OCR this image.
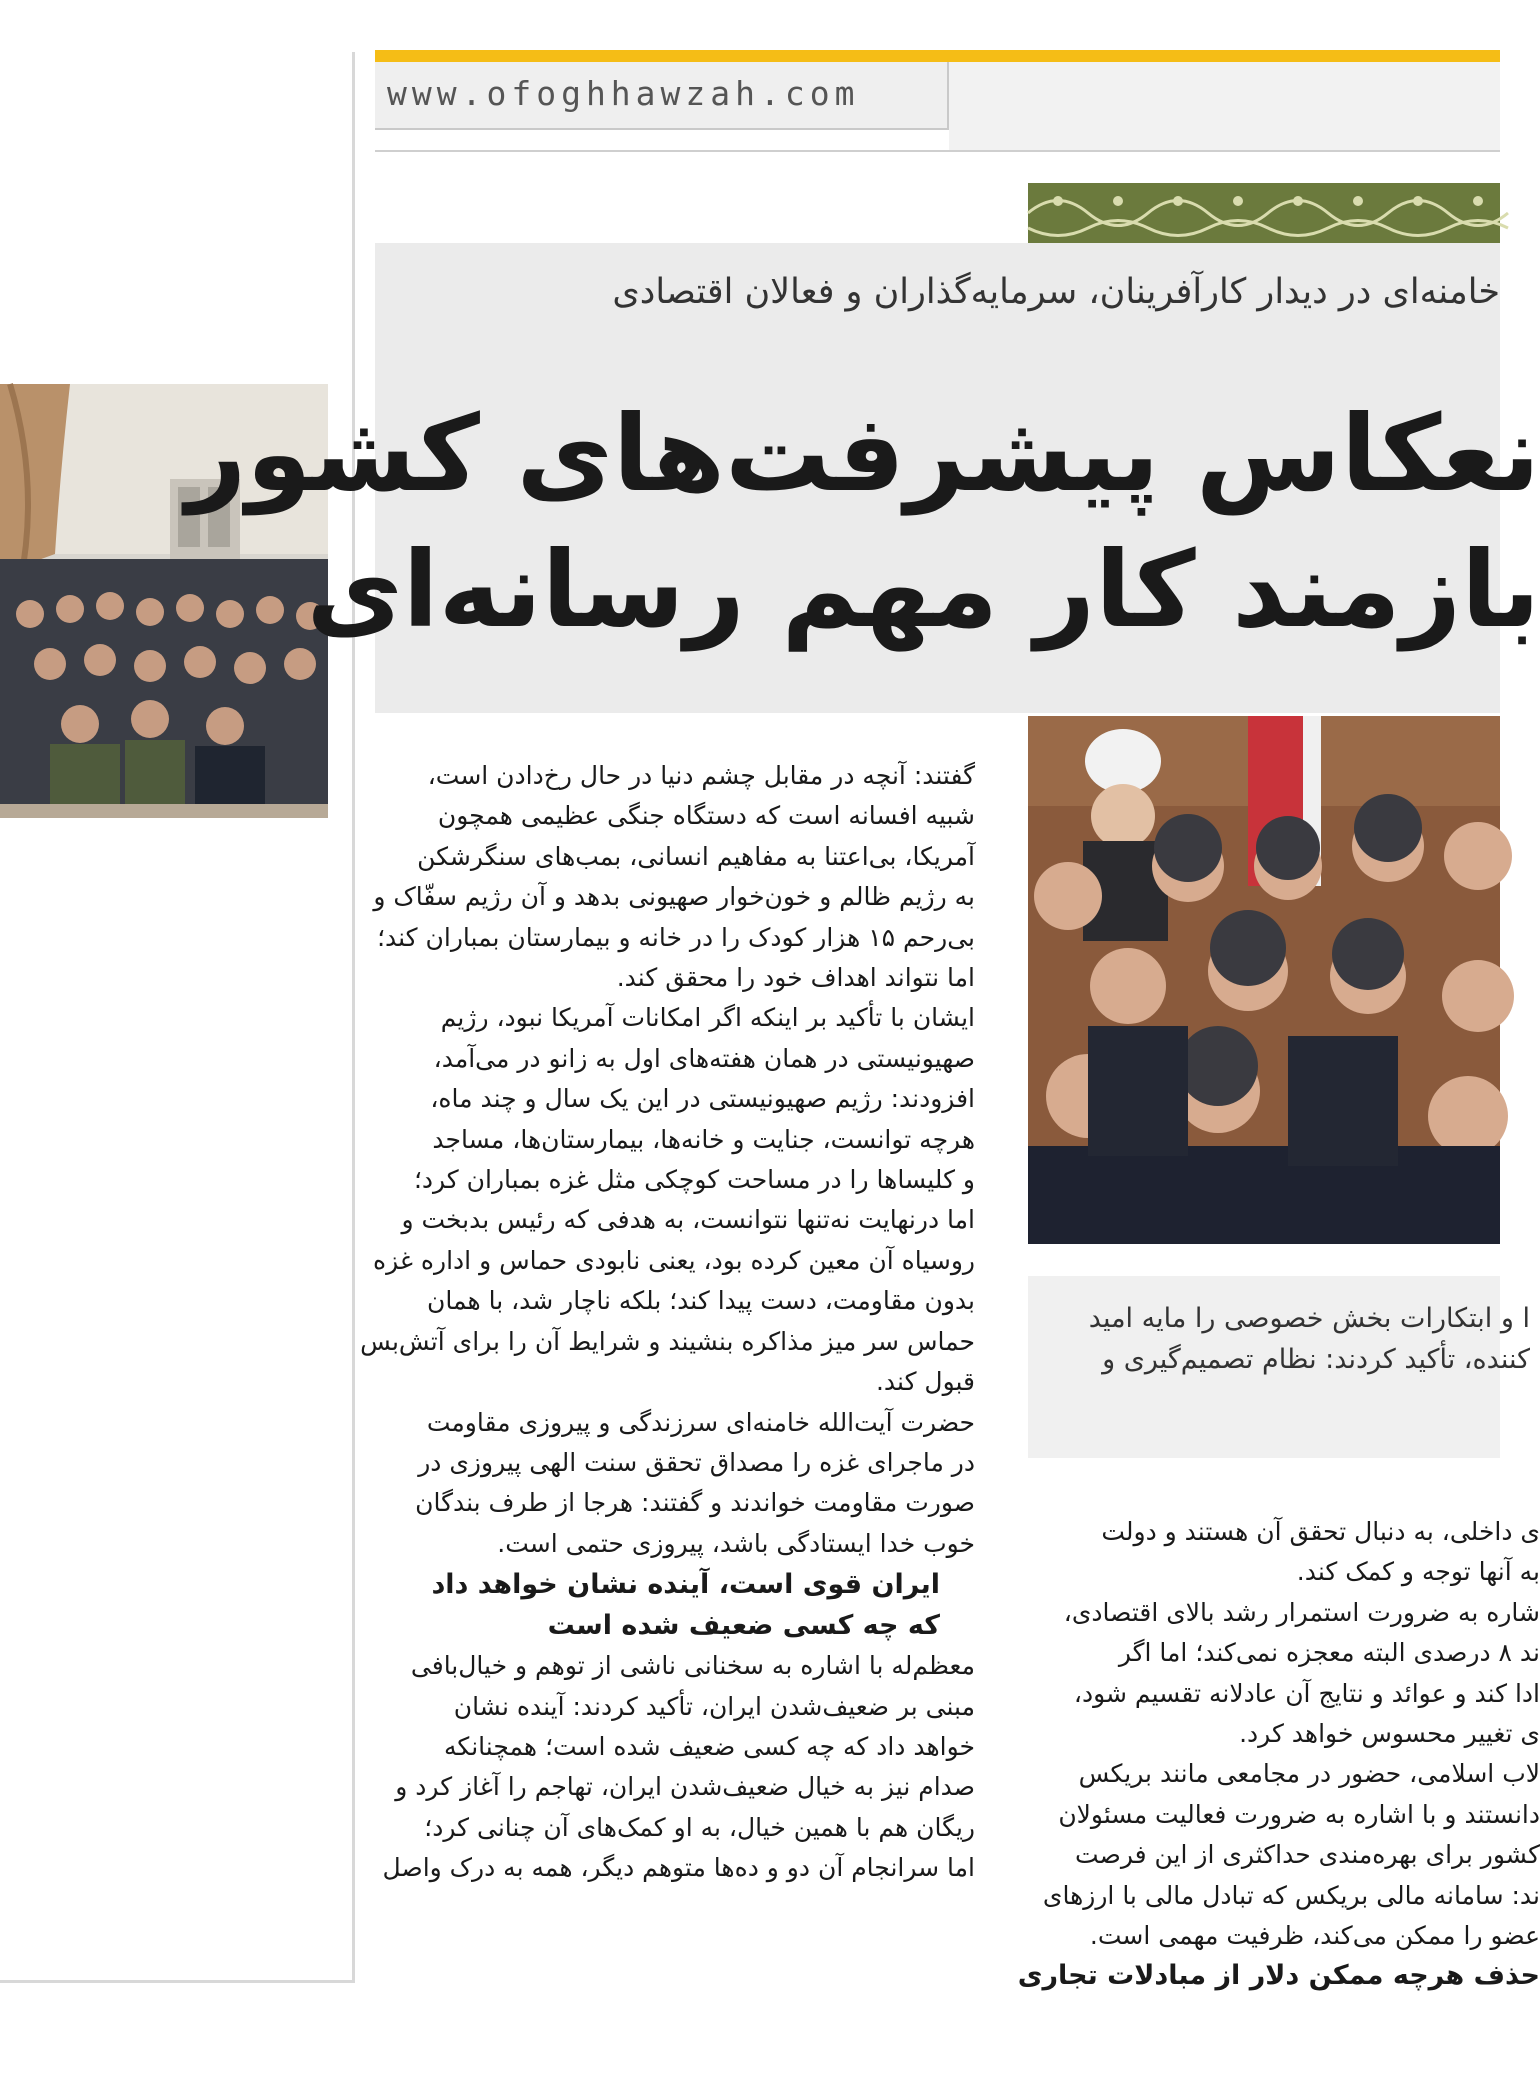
www.ofoghhawzah.com
خامنه‌ای در دیدار کارآفرینان، سرمایه‌گذاران و فعالان اقتصادی
نعکاس پیشرفت‌های کشور
بازمند کار مهم رسانه‌ای
ا و ابتکارات بخش خصوصی را مایه امید
کننده، تأکید کردند: نظام تصمیم‌گیری و

گفتند: آنچه در مقابل چشم دنیا در حال رخ‌دادن است،

شبیه افسانه است که دستگاه جنگی عظیمی همچون

آمریکا، بی‌اعتنا به مفاهیم انسانی، بمب‌های سنگرشکن

به رژیم ظالم و خون‌خوار صهیونی بدهد و آن رژیم سفّاک و

بی‌رحم ۱۵ هزار کودک را در خانه و بیمارستان بمباران کند؛

اما نتواند اهداف خود را محقق کند.

ایشان با تأکید بر اینکه اگر امکانات آمریکا نبود، رژیم

صهیونیستی در همان هفته‌های اول به زانو در می‌آمد،

افزودند: رژیم صهیونیستی در این یک سال و چند ماه،

هرچه توانست، جنایت و خانه‌ها، بیمارستان‌ها، مساجد

و کلیساها را در مساحت کوچکی مثل غزه بمباران کرد؛

اما درنهایت نه‌تنها نتوانست، به هدفی که رئیس بدبخت و

روسیاه آن معین کرده بود، یعنی نابودی حماس و اداره غزه

بدون مقاومت، دست پیدا کند؛ بلکه ناچار شد، با همان

حماس سر میز مذاکره بنشیند و شرایط آن را برای آتش‌بس

قبول کند.

حضرت آیت‌الله خامنه‌ای سرزندگی و پیروزی مقاومت

در ماجرای غزه را مصداق تحقق سنت الهی پیروزی در

صورت مقاومت خواندند و گفتند: هرجا از طرف بندگان

خوب خدا ایستادگی باشد، پیروزی حتمی است.

ایران قوی است، آینده نشان خواهد داد

که چه کسی ضعیف شده است

معظم‌له با اشاره به سخنانی ناشی از توهم و خیال‌بافی

مبنی بر ضعیف‌شدن ایران، تأکید کردند: آینده نشان

خواهد داد که چه کسی ضعیف شده است؛ همچنانکه

صدام نیز به خیال ضعیف‌شدن ایران، تهاجم را آغاز کرد و

ریگان هم با همین خیال، به او کمک‌های آن چنانی کرد؛

اما سرانجام آن دو و ده‌ها متوهم دیگر، همه به درک واصل

ی داخلی، به دنبال تحقق آن هستند و دولت

به آنها توجه و کمک کند.

شاره به ضرورت استمرار رشد بالای اقتصادی،

ند ۸ درصدی البته معجزه نمی‌کند؛ اما اگر

ادا کند و عوائد و نتایج آن عادلانه تقسیم شود،

ی تغییر محسوس خواهد کرد.

لاب اسلامی، حضور در مجامعی مانند بریکس

دانستند و با اشاره به ضرورت فعالیت مسئولان

کشور برای بهره‌مندی حداکثری از این فرصت

ند: سامانه مالی بریکس که تبادل مالی با ارزهای

عضو را ممکن می‌کند، ظرفیت مهمی است.

حذف هرچه ممکن دلار از مبادلات تجاری
